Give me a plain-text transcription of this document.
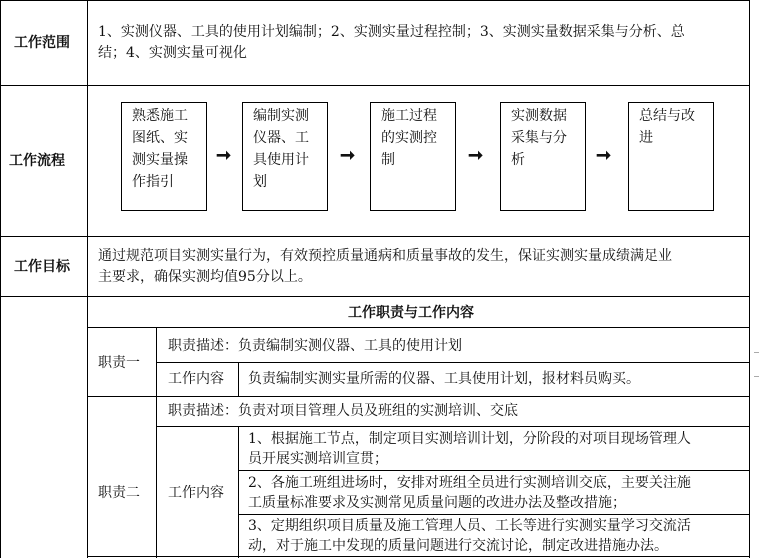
工作范围
1、实测仪器、工具的使用计划编制；2、实测实量过程控制；3、实测实量数据采集与分析、总
结；4、实测实量可视化
工作流程
熟悉施工
图纸、实
测实量操
作指引
➞
编制实测
仪器、工
具使用计
划
➞
施工过程
的实测控
制	➞
实测数据
采集与分
析	➞
总结与改
进
工作目标
通过规范项目实测实量行为，有效预控质量通病和质量事故的发生，保证实测实量成绩满足业
主要求，确保实测均值95分以上。
工作职责与工作内容
职责一
职责描述：负责编制实测仪器、工具的使用计划
工作内容 负责编制实测实量所需的仪器、工具使用计划，报材料员购买。
职责二
职责描述：负责对项目管理人员及班组的实测培训、交底
工作内容
1、根据施工节点，制定项目实测培训计划，分阶段的对项目现场管理人
员开展实测培训宣贯；
2、各施工班组进场时，安排对班组全员进行实测培训交底，主要关注施
工质量标准要求及实测常见质量问题的改进办法及整改措施；
3、定期组织项目质量及施工管理人员、工长等进行实测实量学习交流活
动，对于施工中发现的质量问题进行交流讨论，制定改进措施办法。
